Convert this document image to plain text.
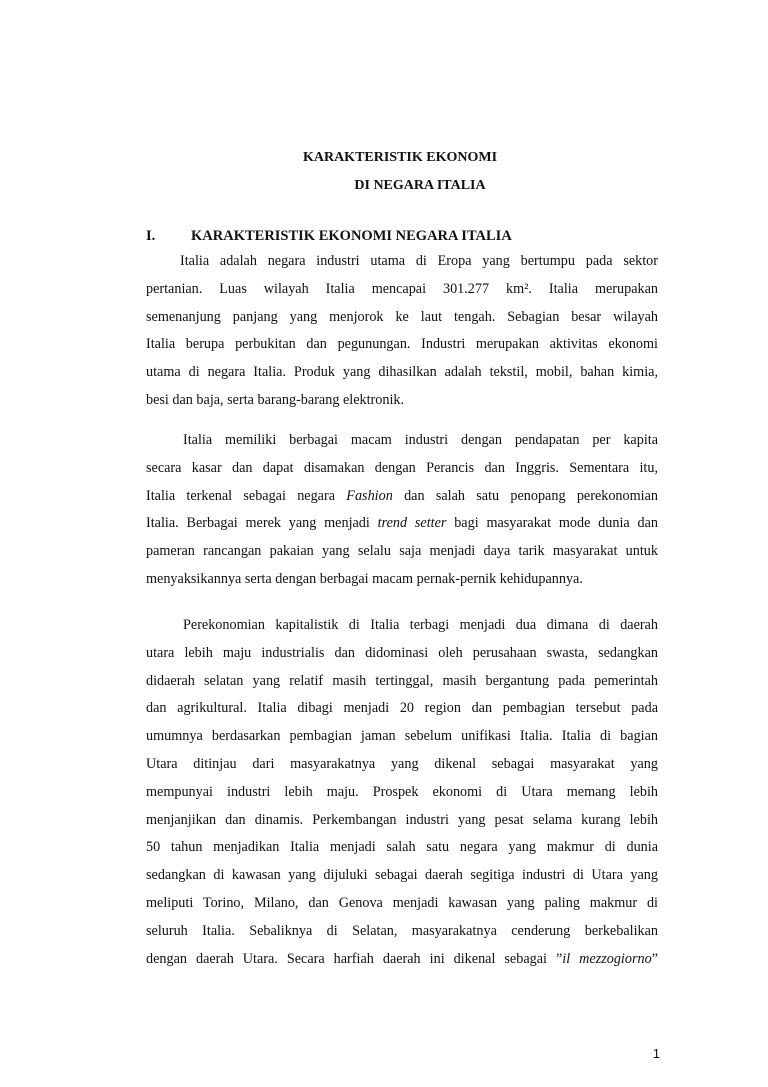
KARAKTERISTIK EKONOMI
DI NEGARA ITALIA
I. KARAKTERISTIK EKONOMI NEGARA ITALIA
Italia adalah negara industri utama di Eropa yang bertumpu pada sektor
pertanian. Luas wilayah Italia mencapai 301.277 km². Italia merupakan
semenanjung panjang yang menjorok ke laut tengah. Sebagian besar wilayah
Italia berupa perbukitan dan pegunungan. Industri merupakan aktivitas ekonomi
utama di negara Italia. Produk yang dihasilkan adalah tekstil, mobil, bahan kimia,
besi dan baja, serta barang-barang elektronik.
Italia memiliki berbagai macam industri dengan pendapatan per kapita
secara kasar dan dapat disamakan dengan Perancis dan Inggris. Sementara itu,
Italia terkenal sebagai negara Fashion dan salah satu penopang perekonomian
Italia. Berbagai merek yang menjadi trend setter bagi masyarakat mode dunia dan
pameran rancangan pakaian yang selalu saja menjadi daya tarik masyarakat untuk
menyaksikannya serta dengan berbagai macam pernak-pernik kehidupannya.
Perekonomian kapitalistik di Italia terbagi menjadi dua dimana di daerah
utara lebih maju industrialis dan didominasi oleh perusahaan swasta, sedangkan
didaerah selatan yang relatif masih tertinggal, masih bergantung pada pemerintah
dan agrikultural. Italia dibagi menjadi 20 region dan pembagian tersebut pada
umumnya berdasarkan pembagian jaman sebelum unifikasi Italia. Italia di bagian
Utara ditinjau dari masyarakatnya yang dikenal sebagai masyarakat yang
mempunyai industri lebih maju. Prospek ekonomi di Utara memang lebih
menjanjikan dan dinamis. Perkembangan industri yang pesat selama kurang lebih
50 tahun menjadikan Italia menjadi salah satu negara yang makmur di dunia
sedangkan di kawasan yang dijuluki sebagai daerah segitiga industri di Utara yang
meliputi Torino, Milano, dan Genova menjadi kawasan yang paling makmur di
seluruh Italia. Sebaliknya di Selatan, masyarakatnya cenderung berkebalikan
dengan daerah Utara. Secara harfiah daerah ini dikenal sebagai ”il mezzogiorno”
1
